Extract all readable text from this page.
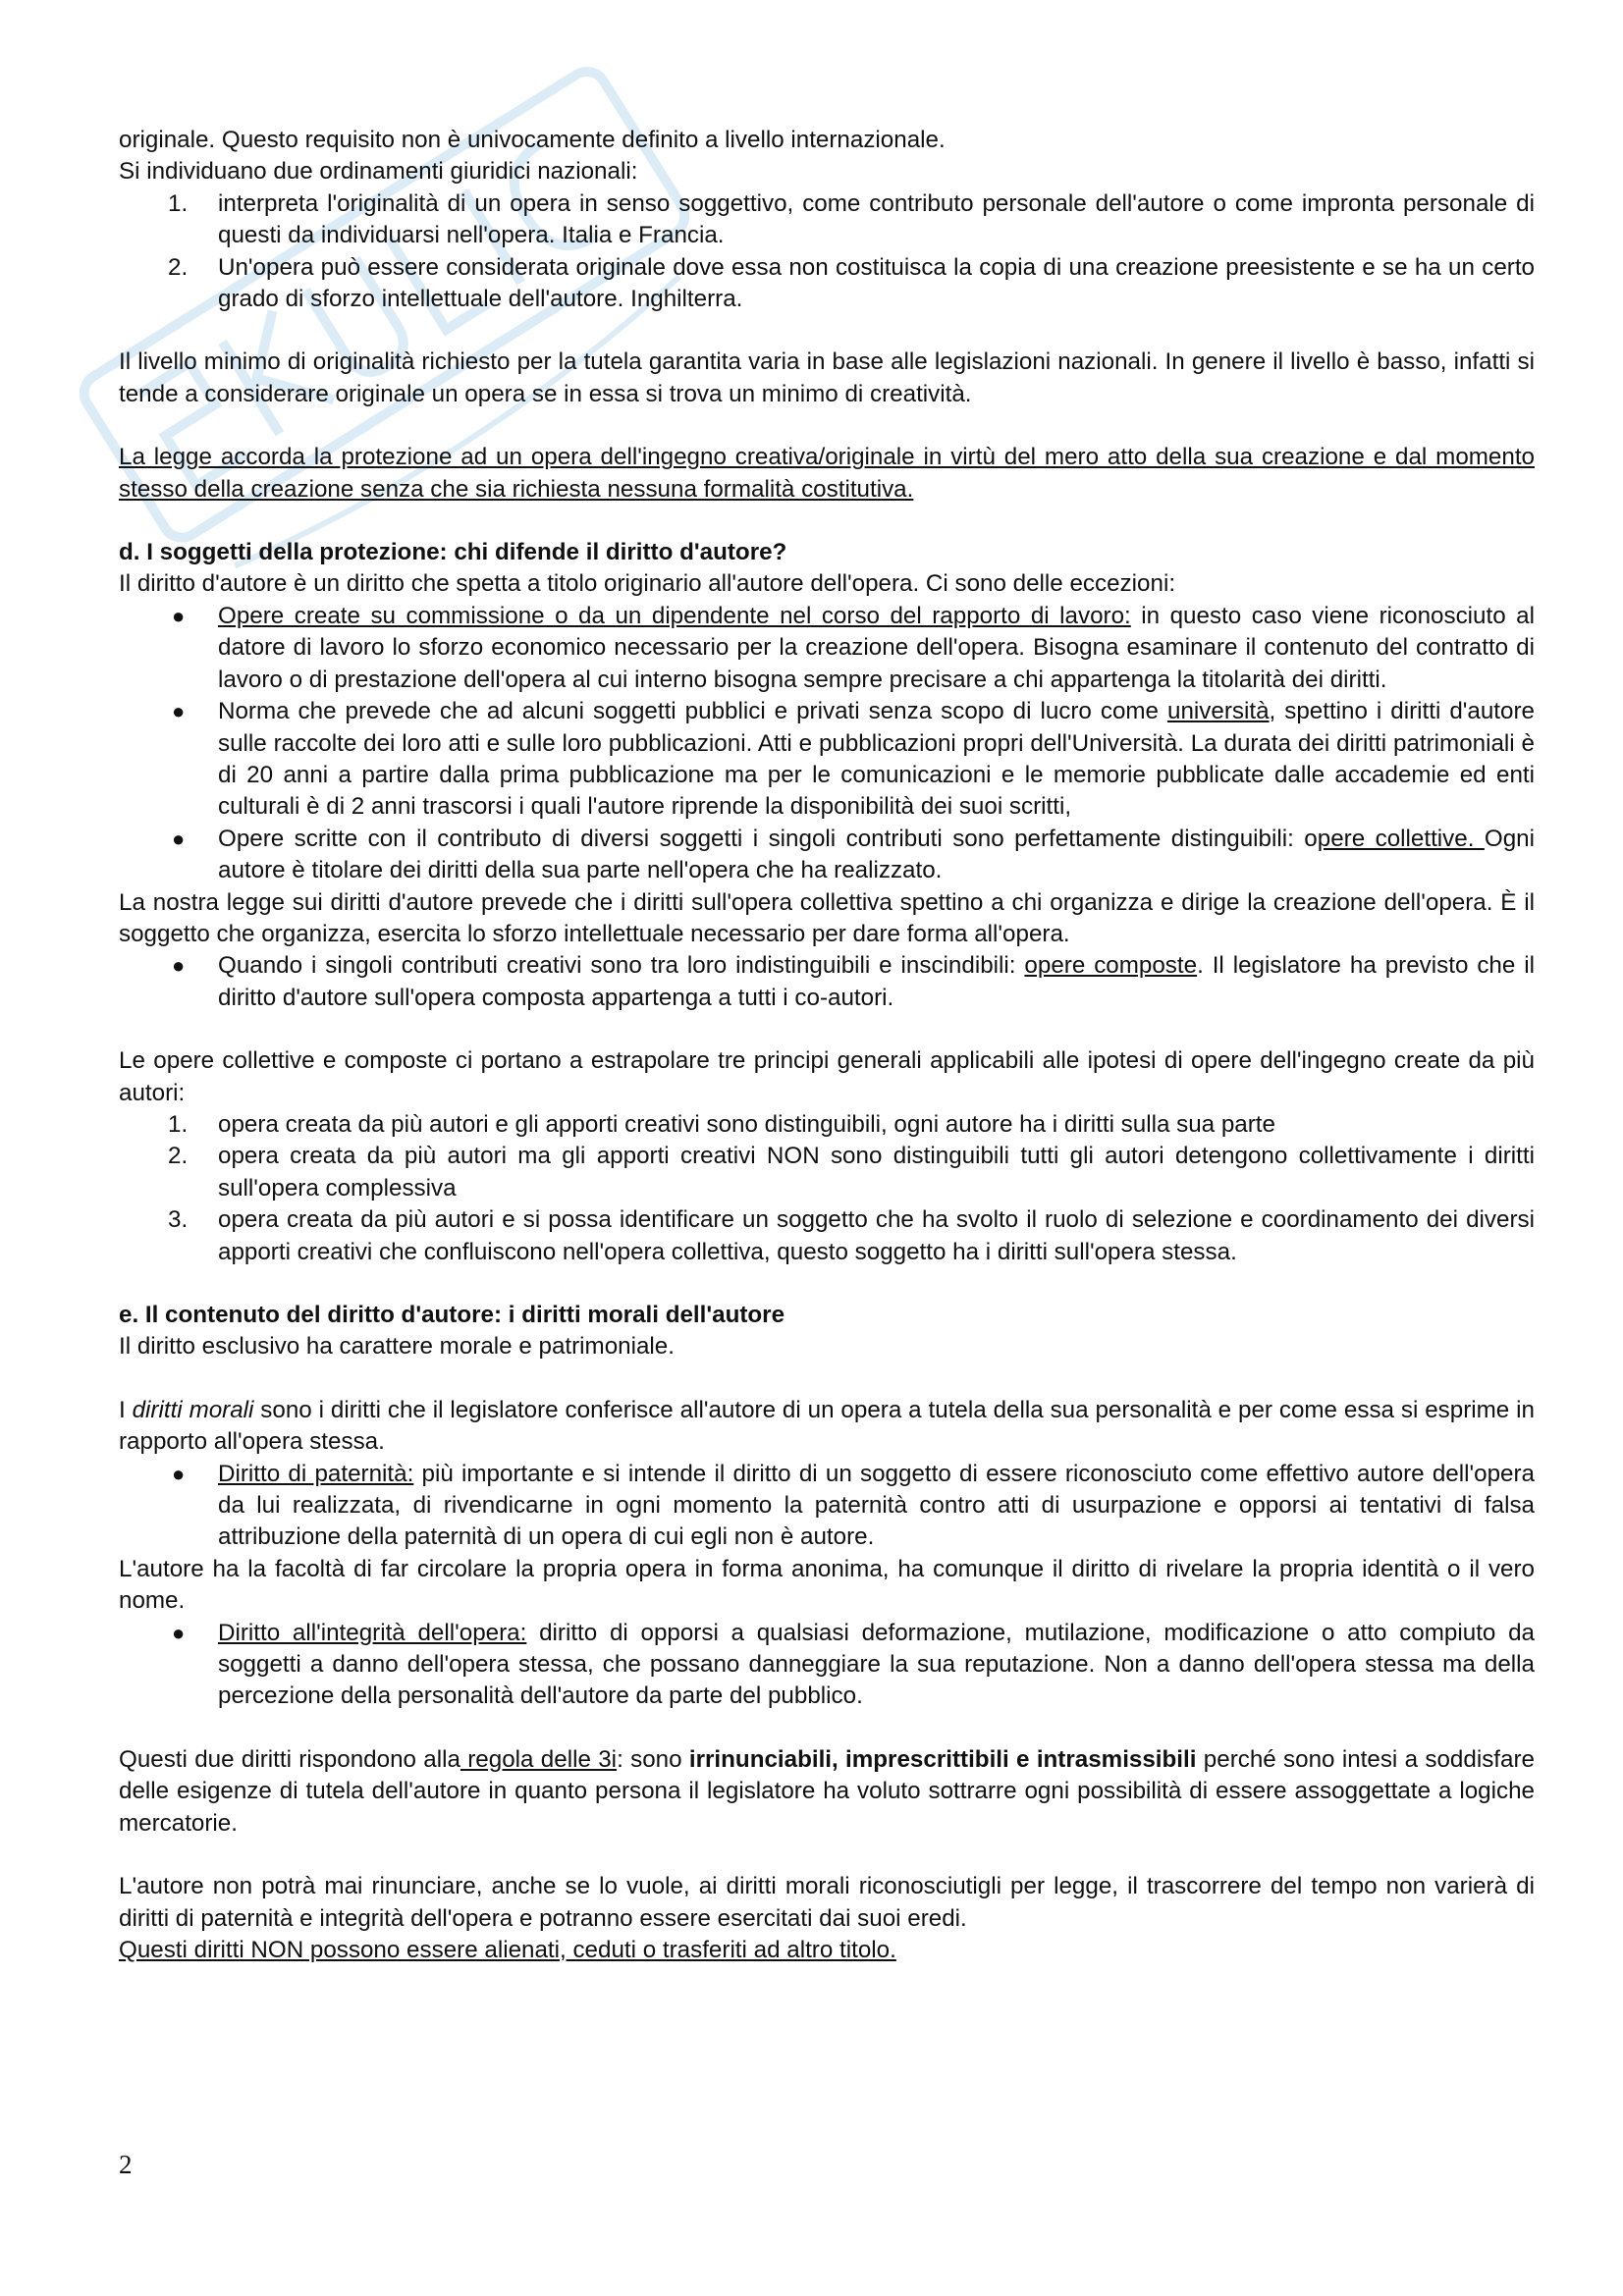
originale. Questo requisito non è univocamente definito a livello internazionale.

Si individuano due ordinamenti giuridici nazionali:

1. interpreta l'originalità di un opera in senso soggettivo, come contributo personale dell'autore o come impronta personale di questi da individuarsi nell'opera. Italia e Francia.
2. Un'opera può essere considerata originale dove essa non costituisca la copia di una creazione preesistente e se ha un certo grado di sforzo intellettuale dell'autore. Inghilterra.

Il livello minimo di originalità richiesto per la tutela garantita varia in base alle legislazioni nazionali. In genere il livello è basso, infatti si tende a considerare originale un opera se in essa si trova un minimo di creatività.

La legge accorda la protezione ad un opera dell'ingegno creativa/originale in virtù del mero atto della sua creazione e dal momento stesso della creazione senza che sia richiesta nessuna formalità costitutiva.

d. I soggetti della protezione: chi difende il diritto d'autore?

Il diritto d'autore è un diritto che spetta a titolo originario all'autore dell'opera. Ci sono delle eccezioni:

● Opere create su commissione o da un dipendente nel corso del rapporto di lavoro: in questo caso viene riconosciuto al datore di lavoro lo sforzo economico necessario per la creazione dell'opera. Bisogna esaminare il contenuto del contratto di lavoro o di prestazione dell'opera al cui interno bisogna sempre precisare a chi appartenga la titolarità dei diritti.
● Norma che prevede che ad alcuni soggetti pubblici e privati senza scopo di lucro come università, spettino i diritti d'autore sulle raccolte dei loro atti e sulle loro pubblicazioni. Atti e pubblicazioni propri dell'Università. La durata dei diritti patrimoniali è di 20 anni a partire dalla prima pubblicazione ma per le comunicazioni e le memorie pubblicate dalle accademie ed enti culturali è di 2 anni trascorsi i quali l'autore riprende la disponibilità dei suoi scritti,
● Opere scritte con il contributo di diversi soggetti i singoli contributi sono perfettamente distinguibili: opere collettive. Ogni autore è titolare dei diritti della sua parte nell'opera che ha realizzato.

La nostra legge sui diritti d'autore prevede che i diritti sull'opera collettiva spettino a chi organizza e dirige la creazione dell'opera. È il soggetto che organizza, esercita lo sforzo intellettuale necessario per dare forma all'opera.

● Quando i singoli contributi creativi sono tra loro indistinguibili e inscindibili: opere composte. Il legislatore ha previsto che il diritto d'autore sull'opera composta appartenga a tutti i co-autori.

Le opere collettive e composte ci portano a estrapolare tre principi generali applicabili alle ipotesi di opere dell'ingegno create da più autori:

1. opera creata da più autori e gli apporti creativi sono distinguibili, ogni autore ha i diritti sulla sua parte
2. opera creata da più autori ma gli apporti creativi NON sono distinguibili tutti gli autori detengono collettivamente i diritti sull'opera complessiva
3. opera creata da più autori e si possa identificare un soggetto che ha svolto il ruolo di selezione e coordinamento dei diversi apporti creativi che confluiscono nell'opera collettiva, questo soggetto ha i diritti sull'opera stessa.
e. Il contenuto del diritto d'autore: i diritti morali dell'autore

Il diritto esclusivo ha carattere morale e patrimoniale.

I diritti morali sono i diritti che il legislatore conferisce all'autore di un opera a tutela della sua personalità e per come essa si esprime in rapporto all'opera stessa.

● Diritto di paternità: più importante e si intende il diritto di un soggetto di essere riconosciuto come effettivo autore dell'opera da lui realizzata, di rivendicarne in ogni momento la paternità contro atti di usurpazione e opporsi ai tentativi di falsa attribuzione della paternità di un opera di cui egli non è autore.

L'autore ha la facoltà di far circolare la propria opera in forma anonima, ha comunque il diritto di rivelare la propria identità o il vero nome.

● Diritto all'integrità dell'opera: diritto di opporsi a qualsiasi deformazione, mutilazione, modificazione o atto compiuto da soggetti a danno dell'opera stessa, che possano danneggiare la sua reputazione. Non a danno dell'opera stessa ma della percezione della personalità dell'autore da parte del pubblico.

Questi due diritti rispondono alla regola delle 3i: sono irrinunciabili, imprescrittibili e intrasmissibili perché sono intesi a soddisfare delle esigenze di tutela dell'autore in quanto persona il legislatore ha voluto sottrarre ogni possibilità di essere assoggettate a logiche mercatorie.

L'autore non potrà mai rinunciare, anche se lo vuole, ai diritti morali riconosciutigli per legge, il trascorrere del tempo non varierà di diritti di paternità e integrità dell'opera e potranno essere esercitati dai suoi eredi.

Questi diritti NON possono essere alienati, ceduti o trasferiti ad altro titolo.

2
